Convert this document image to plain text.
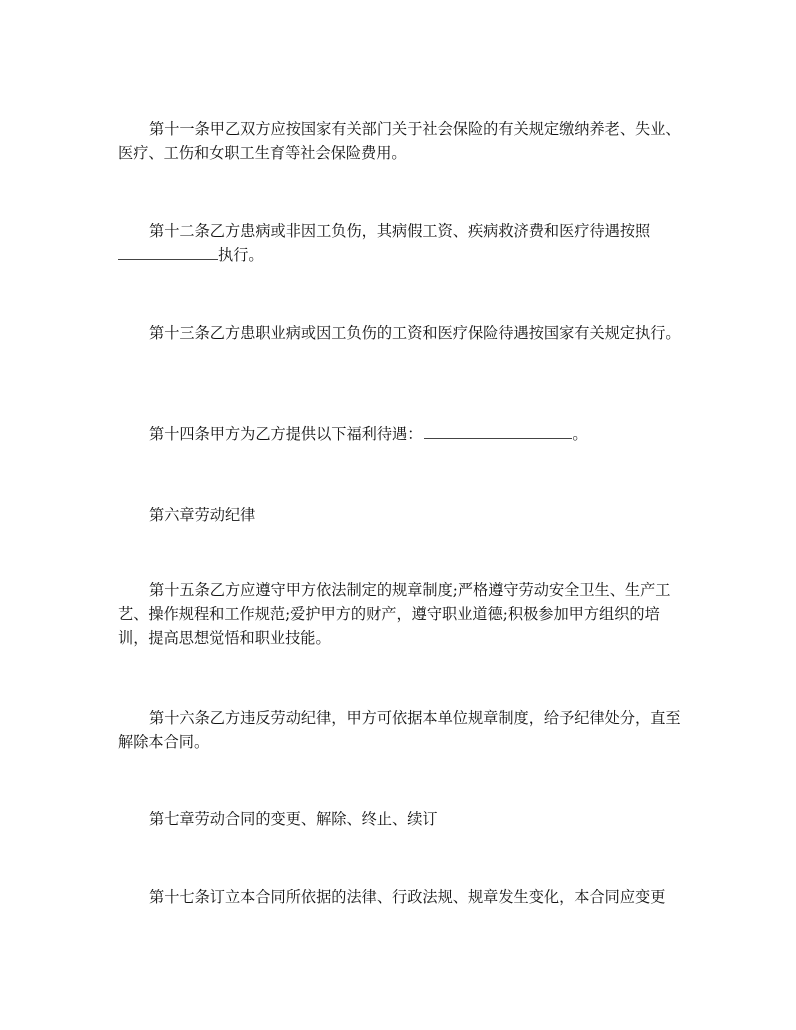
第十一条甲乙双方应按国家有关部门关于社会保险的有关规定缴纳养老、失业、医疗、工伤和女职工生育等社会保险费用。

第十二条乙方患病或非因工负伤，其病假工资、疾病救济费和医疗待遇按照
执行。

第十三条乙方患职业病或因工负伤的工资和医疗保险待遇按国家有关规定执行。

第十四条甲方为乙方提供以下福利待遇：	。

第六章劳动纪律

第十五条乙方应遵守甲方依法制定的规章制度;严格遵守劳动安全卫生、生产工艺、操作规程和工作规范;爱护甲方的财产，遵守职业道德;积极参加甲方组织的培训，提高思想觉悟和职业技能。

第十六条乙方违反劳动纪律，甲方可依据本单位规章制度，给予纪律处分，直至解除本合同。

第七章劳动合同的变更、解除、终止、续订

第十七条订立本合同所依据的法律、行政法规、规章发生变化，本合同应变更
